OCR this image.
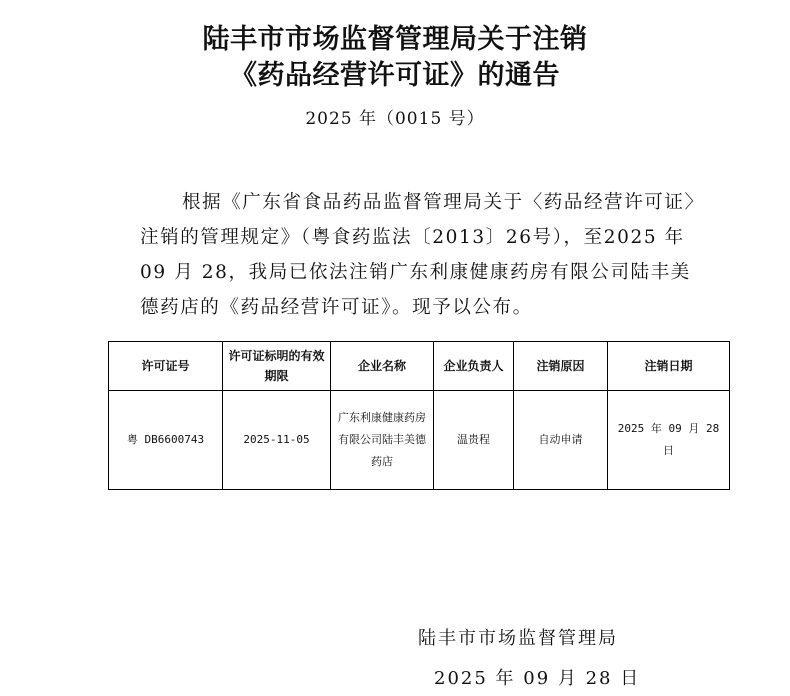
陆丰市市场监督管理局关于注销
《药品经营许可证》的通告
2025 年（0015 号）
根据《广东省食品药品监督管理局关于〈药品经营许可证〉注销的管理规定》（粤食药监法〔2013〕26号），至2025 年 09 月 28，我局已依法注销广东利康健康药房有限公司陆丰美德药店的《药品经营许可证》。现予以公布。
许可证号	许可证标明的有效期限	企业名称	企业负责人	注销原因	注销日期
粤 DB6600743	2025-11-05	广东利康健康药房有限公司陆丰美德药店	温贵程	自动申请	2025 年 09 月 28 日
陆丰市市场监督管理局
2025 年 09 月 28 日
